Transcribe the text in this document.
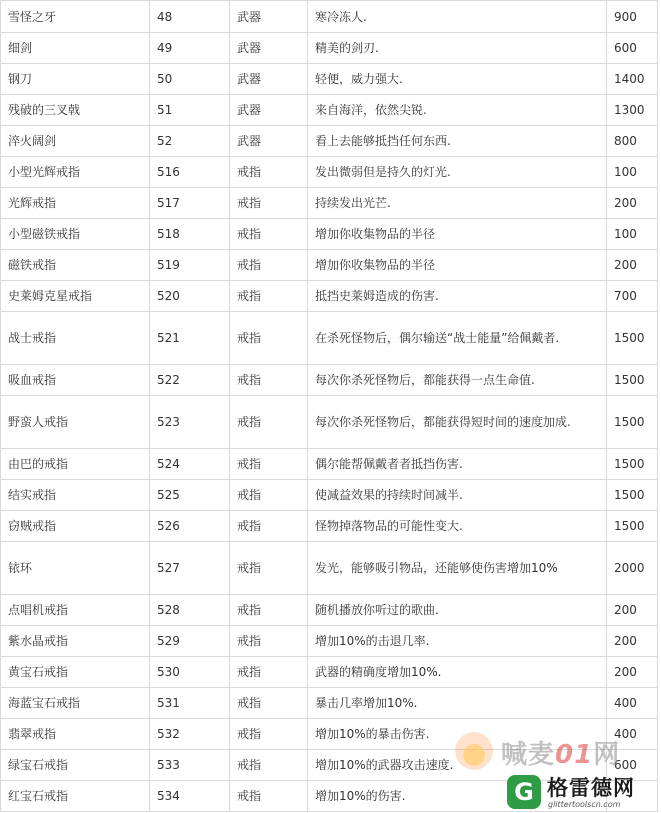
雪怪之牙	48	武器	寒冷冻人.	900
细剑	49	武器	精美的剑刃.	600
钢刀	50	武器	轻便，威力强大.	1400
残破的三叉戟	51	武器	来自海洋，依然尖锐.	1300
淬火阔剑	52	武器	看上去能够抵挡任何东西.	800
小型光辉戒指	516	戒指	发出微弱但是持久的灯光.	100
光辉戒指	517	戒指	持续发出光芒.	200
小型磁铁戒指	518	戒指	增加你收集物品的半径	100
磁铁戒指	519	戒指	增加你收集物品的半径	200
史莱姆克星戒指	520	戒指	抵挡史莱姆造成的伤害.	700
战士戒指	521	戒指	在杀死怪物后，偶尔输送“战士能量”给佩戴者.	1500
吸血戒指	522	戒指	每次你杀死怪物后，都能获得一点生命值.	1500
野蛮人戒指	523	戒指	每次你杀死怪物后，都能获得短时间的速度加成.	1500
由巴的戒指	524	戒指	偶尔能帮佩戴者者抵挡伤害.	1500
结实戒指	525	戒指	使减益效果的持续时间减半.	1500
窃贼戒指	526	戒指	怪物掉落物品的可能性变大.	1500
铱环	527	戒指	发光，能够吸引物品，还能够使伤害增加10%	2000
点唱机戒指	528	戒指	随机播放你听过的歌曲.	200
紫水晶戒指	529	戒指	增加10%的击退几率.	200
黄宝石戒指	530	戒指	武器的精确度增加10%.	200
海蓝宝石戒指	531	戒指	暴击几率增加10%.	400
翡翠戒指	532	戒指	增加10%的暴击伤害.	400
绿宝石戒指	533	戒指	增加10%的武器攻击速度.	600
红宝石戒指	534	戒指	增加10%的伤害.	
喊麦01网
G 格雷德网
glittertoolscn.com
